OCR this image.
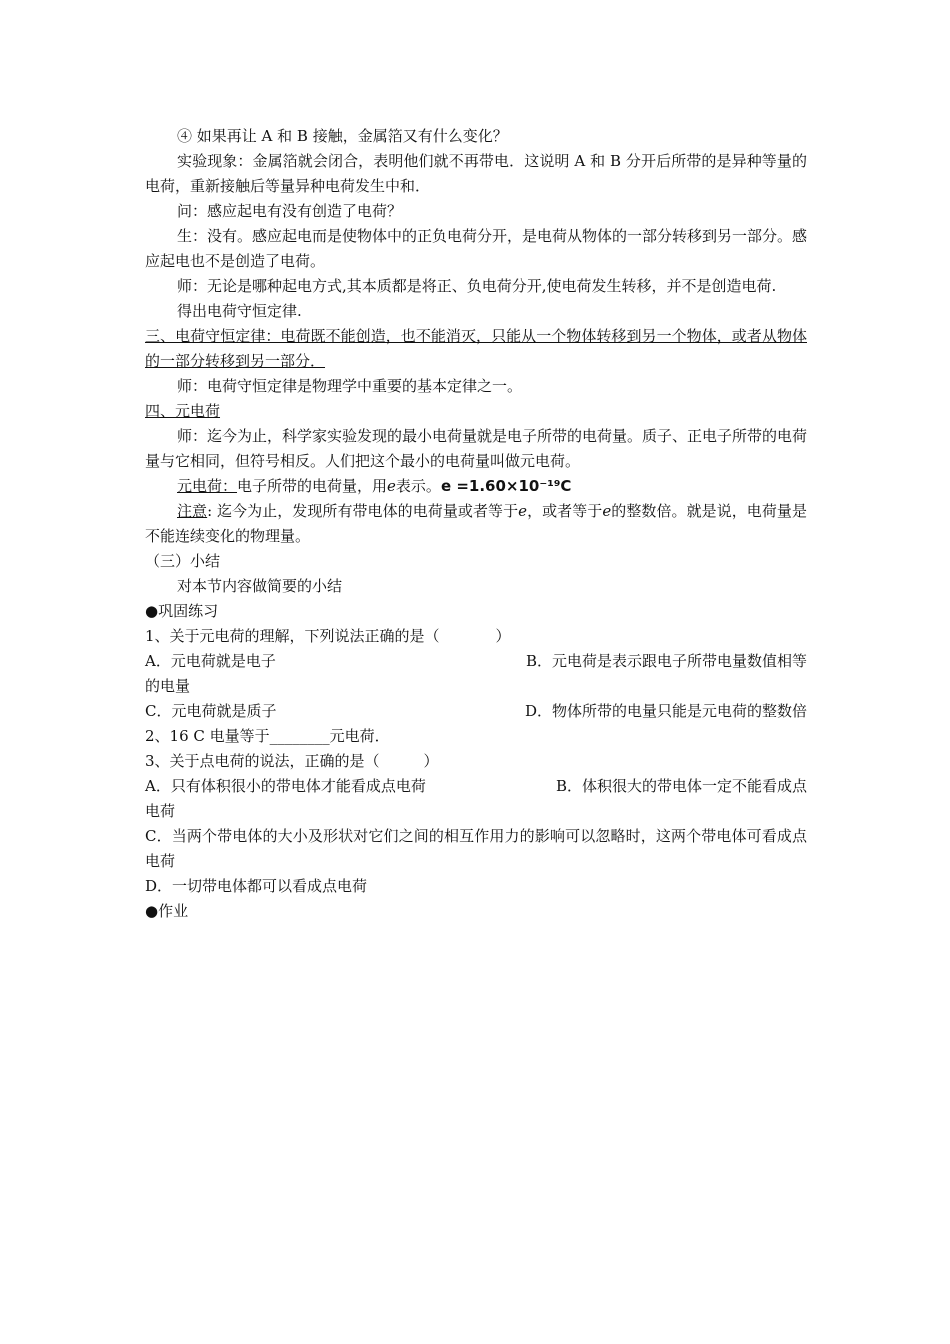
④ 如果再让 A 和 B 接触，金属箔又有什么变化？

实验现象：金属箔就会闭合，表明他们就不再带电．这说明 A 和 B 分开后所带的是异种等量的电荷，重新接触后等量异种电荷发生中和．

问：感应起电有没有创造了电荷？

生：没有。感应起电而是使物体中的正负电荷分开，是电荷从物体的一部分转移到另一部分。感应起电也不是创造了电荷。

师：无论是哪种起电方式,其本质都是将正、负电荷分开,使电荷发生转移，并不是创造电荷.

得出电荷守恒定律.

三、电荷守恒定律：电荷既不能创造，也不能消灭，只能从一个物体转移到另一个物体，或者从物体的一部分转移到另一部分．

师：电荷守恒定律是物理学中重要的基本定律之一。

四、元电荷

师：迄今为止，科学家实验发现的最小电荷量就是电子所带的电荷量。质子、正电子所带的电荷量与它相同，但符号相反。人们把这个最小的电荷量叫做元电荷。

元电荷：电子所带的电荷量，用e表示。e =1.60×10⁻¹⁹C

注意: 迄今为止，发现所有带电体的电荷量或者等于e，或者等于e的整数倍。就是说，电荷量是不能连续变化的物理量。

（三）小结

对本节内容做简要的小结

●巩固练习

1、关于元电荷的理解，下列说法正确的是（	）

A．元电荷就是电子	B．元电荷是表示跟电子所带电量数值相等

的电量

C．元电荷就是质子	D．物体所带的电量只能是元电荷的整数倍

2、16 C 电量等于________元电荷．

3、关于点电荷的说法，正确的是（	）

A．只有体积很小的带电体才能看成点电荷	B．体积很大的带电体一定不能看成点

电荷

C．当两个带电体的大小及形状对它们之间的相互作用力的影响可以忽略时，这两个带电体可看成点电荷

D．一切带电体都可以看成点电荷

●作业
